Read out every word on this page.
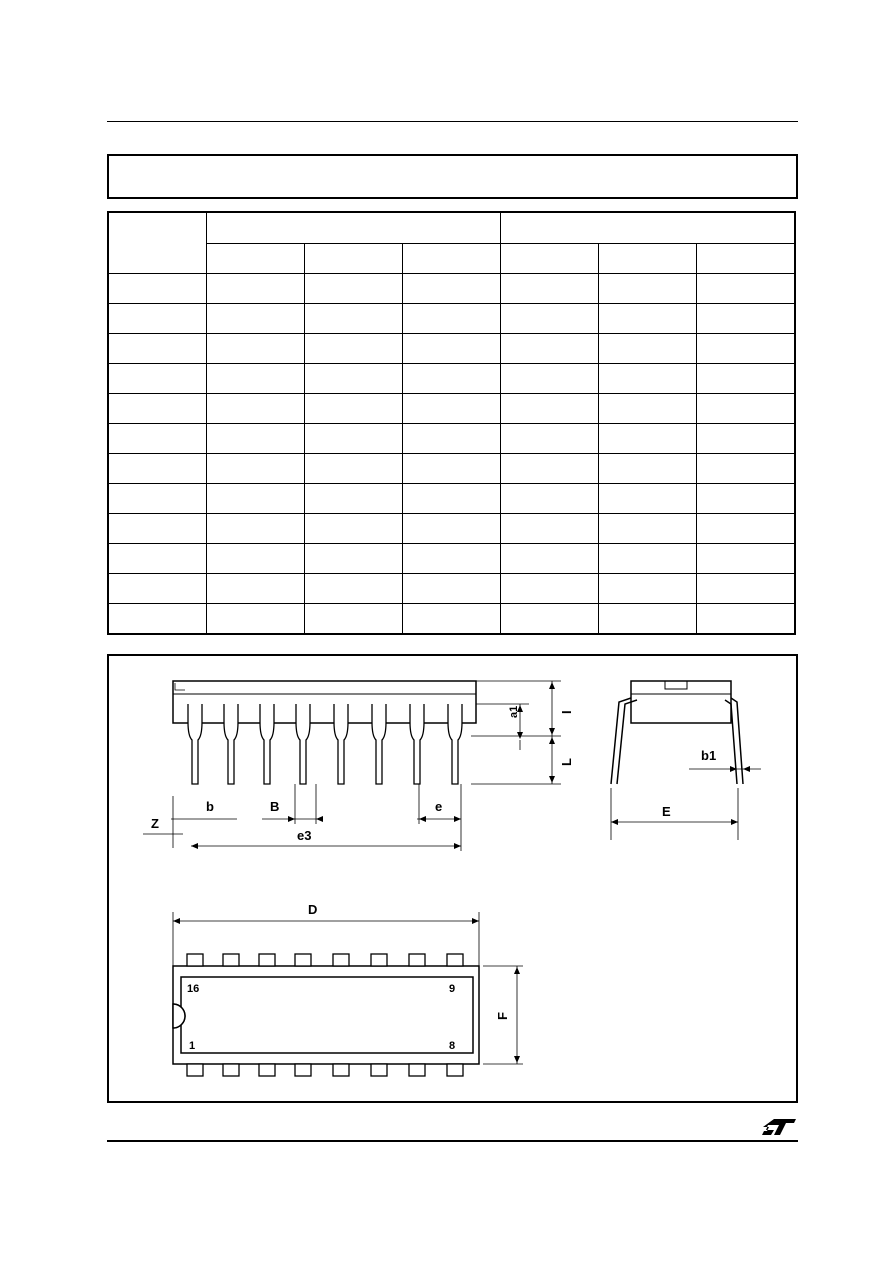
Z
b	B	e
e3
a1	I
L	b1
E
D
F
16	9
1	8
